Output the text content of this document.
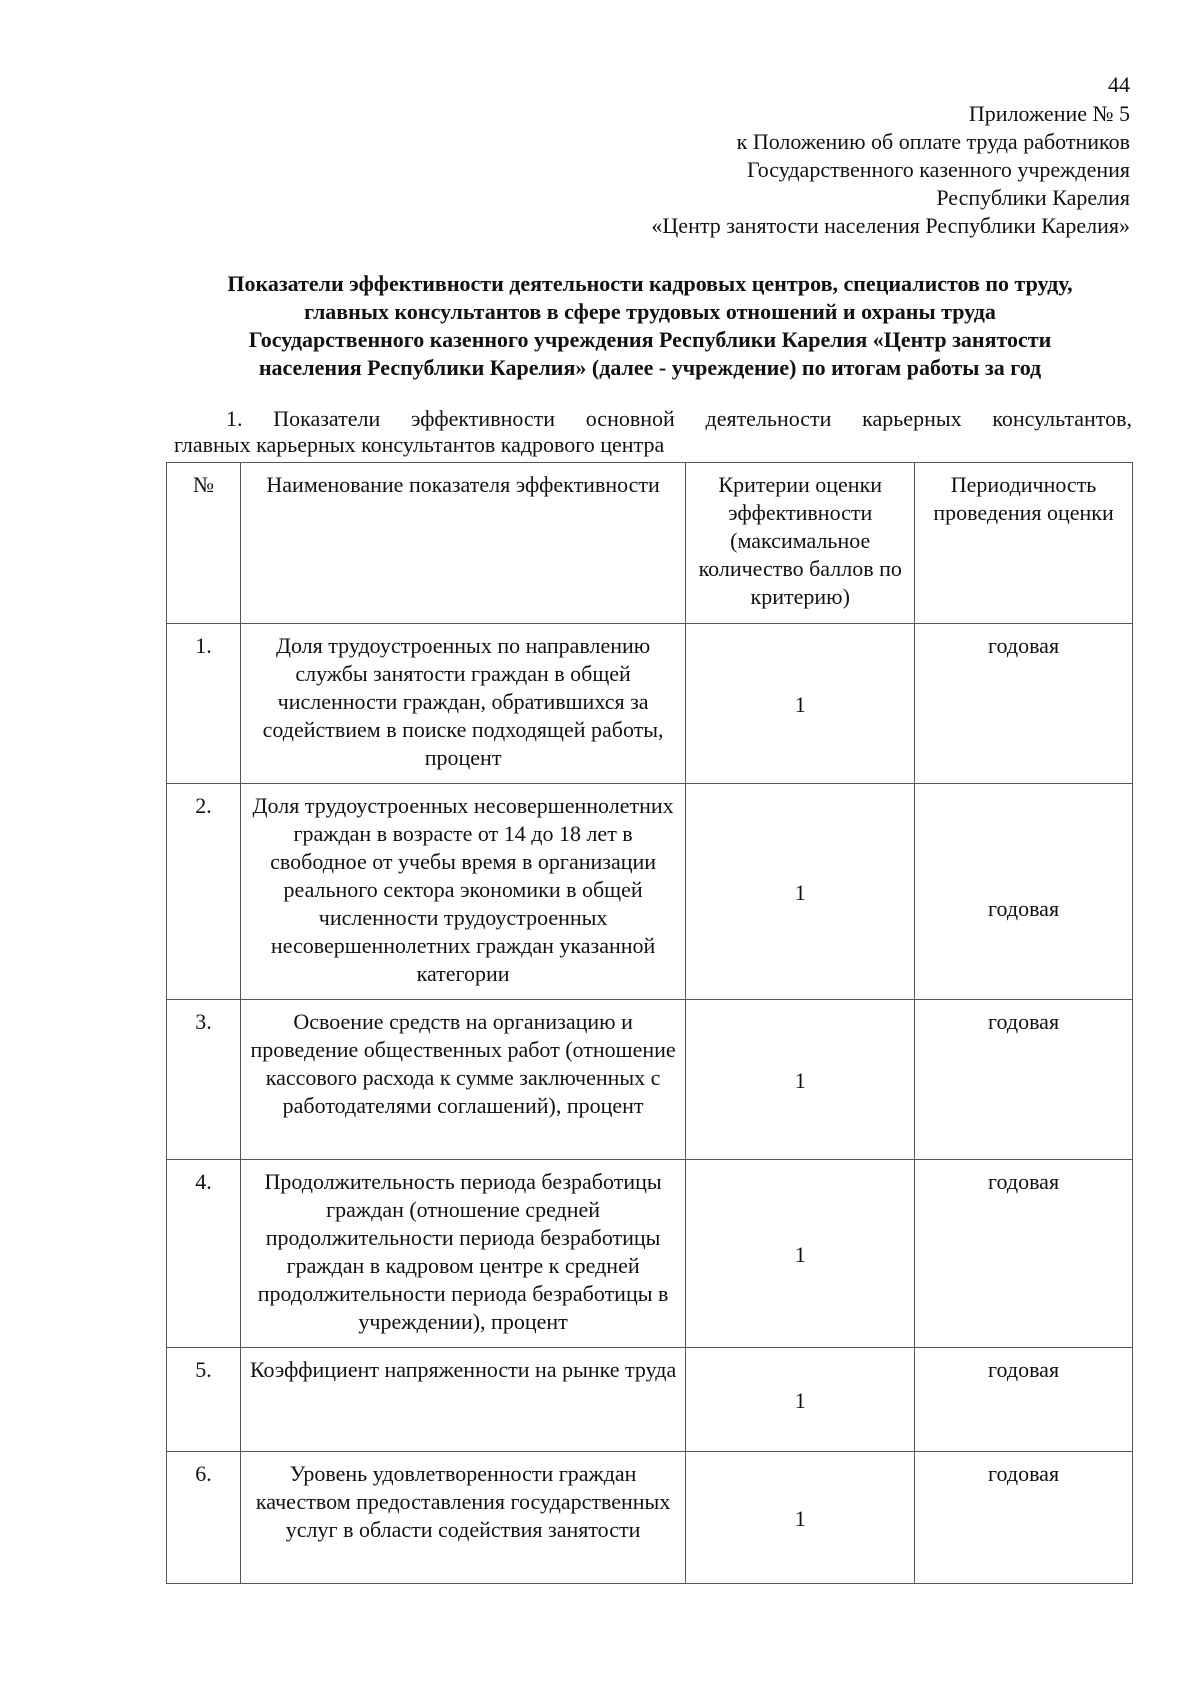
44
Приложение № 5
к Положению об оплате труда работников
Государственного казенного учреждения
Республики Карелия
«Центр занятости населения Республики Карелия»
Показатели эффективности деятельности кадровых центров, специалистов по труду,
главных консультантов в сфере трудовых отношений и охраны труда
Государственного казенного учреждения Республики Карелия «Центр занятости
населения Республики Карелия» (далее - учреждение) по итогам работы за год
1. Показатели эффективности основной деятельности карьерных консультантов,
главных карьерных консультантов кадрового центра
№	Наименование показателя эффективности	Критерии оценки эффективности (максимальное количество баллов по критерию)	Периодичность проведения оценки
1.	Доля трудоустроенных по направлению службы занятости граждан в общей численности граждан, обратившихся за содействием в поиске подходящей работы, процент	1	годовая
2.	Доля трудоустроенных несовершеннолетних граждан в возрасте от 14 до 18 лет в свободное от учебы время в организации реального сектора экономики в общей численности трудоустроенных несовершеннолетних граждан указанной категории	1	годовая
3.	Освоение средств на организацию и проведение общественных работ (отношение кассового расхода к сумме заключенных с работодателями соглашений), процент	1	годовая
4.	Продолжительность периода безработицы граждан (отношение средней продолжительности периода безработицы граждан в кадровом центре к средней продолжительности периода безработицы в учреждении), процент	1	годовая
5.	Коэффициент напряженности на рынке труда	1	годовая
6.	Уровень удовлетворенности граждан качеством предоставления государственных услуг в области содействия занятости	1	годовая
